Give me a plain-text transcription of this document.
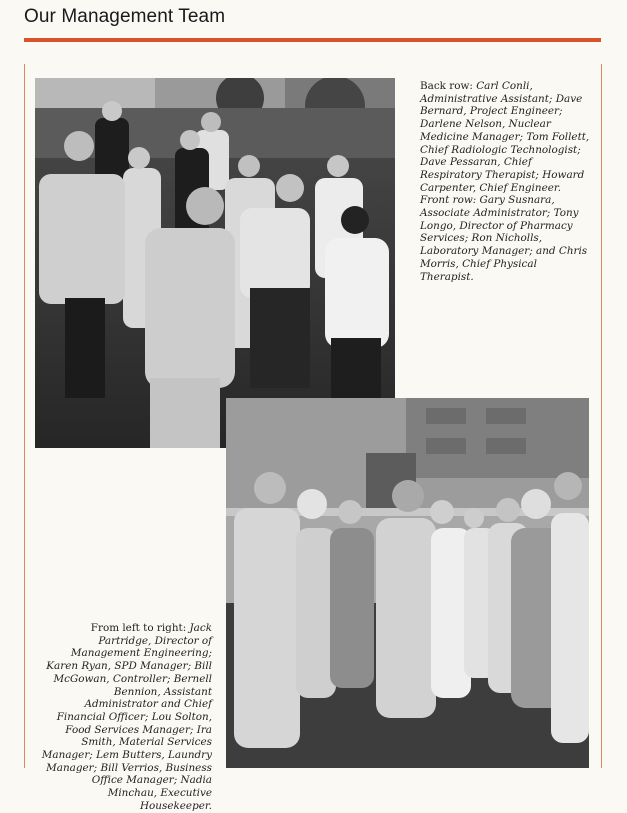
Our Management Team
Back row: Carl Conli, Administrative Assistant; Dave Bernard, Project Engineer; Darlene Nelson, Nuclear Medicine Manager; Tom Follett, Chief Radiologic Technologist; Dave Pessaran, Chief Respiratory Therapist; Howard Carpenter, Chief Engineer. Front row: Gary Susnara, Associate Administrator; Tony Longo, Director of Pharmacy Services; Ron Nicholls, Laboratory Manager; and Chris Morris, Chief Physical Therapist.
From left to right: Jack Partridge, Director of Management Engineering; Karen Ryan, SPD Manager; Bill McGowan, Controller; Bernell Bennion, Assistant Administrator and Chief Financial Officer; Lou Solton, Food Services Manager; Ira Smith, Material Services Manager; Lem Butters, Laundry Manager; Bill Verrios, Business Office Manager; Nadia Minchau, Executive Housekeeper.
